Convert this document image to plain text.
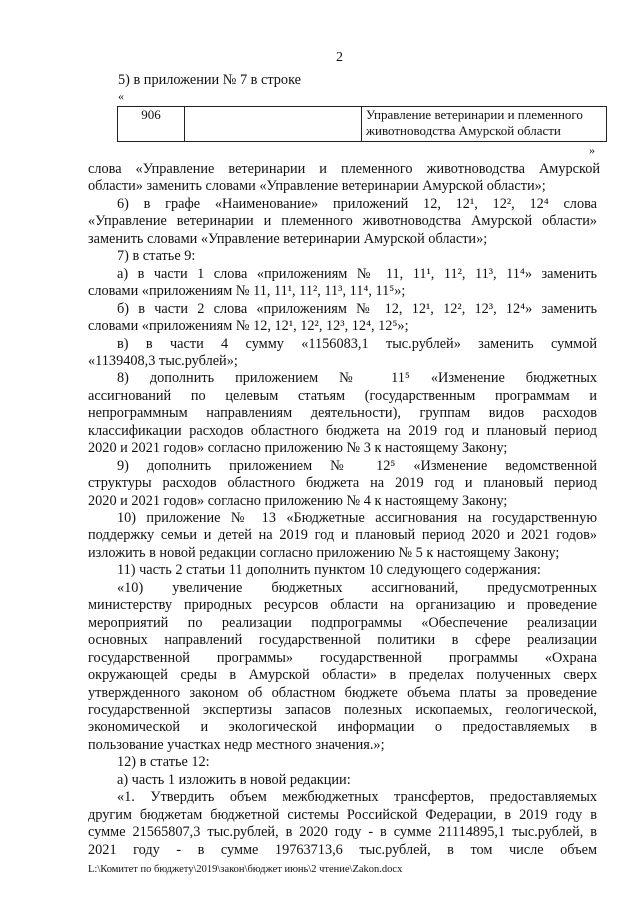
2
5) в приложении № 7 в строке
«
906		Управление ветеринарии и племенного
животноводства Амурской области
»
слова «Управление ветеринарии и племенного животноводства Амурской
области» заменить словами «Управление ветеринарии Амурской области»;
6) в графе «Наименование» приложений 12, 12¹, 12², 12⁴ слова
«Управление ветеринарии и племенного животноводства Амурской области»
заменить словами «Управление ветеринарии Амурской области»;
7) в статье 9:
а) в части 1 слова «приложениям № 11, 11¹, 11², 11³, 11⁴» заменить
словами «приложениям № 11, 11¹, 11², 11³, 11⁴, 11⁵»;
б) в части 2 слова «приложениям № 12, 12¹, 12², 12³, 12⁴» заменить
словами «приложениям № 12, 12¹, 12², 12³, 12⁴, 12⁵»;
в) в части 4 сумму «1156083,1 тыс.рублей» заменить суммой
«1139408,3 тыс.рублей»;
8) дополнить приложением № 11⁵ «Изменение бюджетных
ассигнований по целевым статьям (государственным программам и
непрограммным направлениям деятельности), группам видов расходов
классификации расходов областного бюджета на 2019 год и плановый период
2020 и 2021 годов» согласно приложению № 3 к настоящему Закону;
9) дополнить приложением № 12⁵ «Изменение ведомственной
структуры расходов областного бюджета на 2019 год и плановый период
2020 и 2021 годов» согласно приложению № 4 к настоящему Закону;
10) приложение № 13 «Бюджетные ассигнования на государственную
поддержку семьи и детей на 2019 год и плановый период 2020 и 2021 годов»
изложить в новой редакции согласно приложению № 5 к настоящему Закону;
11) часть 2 статьи 11 дополнить пунктом 10 следующего содержания:
«10) увеличение бюджетных ассигнований, предусмотренных
министерству природных ресурсов области на организацию и проведение
мероприятий по реализации подпрограммы «Обеспечение реализации
основных направлений государственной политики в сфере реализации
государственной программы» государственной программы «Охрана
окружающей среды в Амурской области» в пределах полученных сверх
утвержденного законом об областном бюджете объема платы за проведение
государственной экспертизы запасов полезных ископаемых, геологической,
экономической и экологической информации о предоставляемых в
пользование участках недр местного значения.»;
12) в статье 12:
а) часть 1 изложить в новой редакции:
«1. Утвердить объем межбюджетных трансфертов, предоставляемых
другим бюджетам бюджетной системы Российской Федерации, в 2019 году в
сумме 21565807,3 тыс.рублей, в 2020 году - в сумме 21114895,1 тыс.рублей, в
2021 году - в сумме 19763713,6 тыс.рублей, в том числе объем
L:\Комитет по бюджету\2019\закон\бюджет июнь\2 чтение\Zakon.docx
